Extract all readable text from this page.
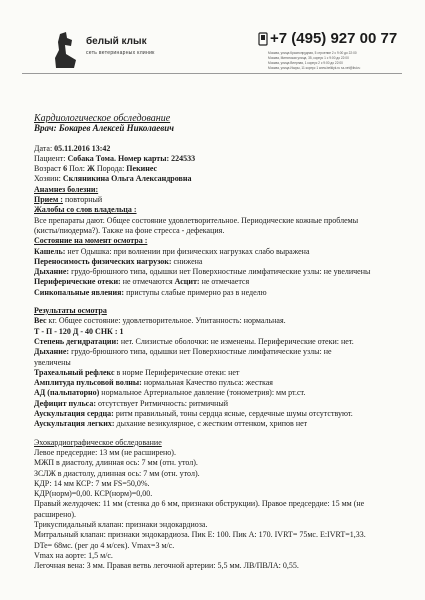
белый клык
сеть ветеринарных клиник
+7 (495) 927 00 77
Москва, улица Краснопрудная, 5 строение 2 с 9:00 до 22:00
Москва, Митинская улица, 35, корпус 1 с 9:00 до 22:00
Москва, улица Веерная, 1 корпус 2 с 9:00 до 22:00
Москва, улица Искры, 11 корпус 1 www.belklyk.ru sz-vet@list.ru
Кардиологическое обследование
Врач: Бокарев Алексей Николаевич
Дата: 05.11.2016 13:42
Пациент: Собака Тома. Номер карты: 224533
Возраст 6 Пол: Ж Порода: Пекинес
Хозяин: Скляникина Ольга Александровна
Анамнез болезни:
Прием : повторный
Жалобы со слов владельца :
Все препараты дают. Общее состояние удовлетворительное. Периодические кожные проблемы
(кисты/пиодерма?). Также на фоне стресса - дефекация.
Состояние на момент осмотра :
Кашель: нет Одышка: при волнении при физических нагрузках слабо выражена
Переносимость физических нагрузок: снижена
Дыхание: грудо-брюшного типа, одышки нет Поверхностные лимфатические узлы: не увеличены
Периферические отеки: не отмечаются Асцит: не отмечается
Синкопальные явления: приступы слабые примерно раз в неделю
Результаты осмотра
Вес кг. Общее состояние: удовлетворительное. Упитанность: нормальная.
Т - П - 120 Д - 40 СНК : 1
Степень дегидратации: нет. Слизистые оболочки: не изменены. Периферические отеки: нет.
Дыхание: грудо-брюшного типа, одышки нет Поверхностные лимфатические узлы: не
увеличены
Трахеальный рефлекс в норме Периферические отеки: нет
Амплитуда пульсовой волны: нормальная Качество пульса: жесткая
АД (пальпаторно) нормальное Артериальное давление (тонометрия): мм рт.ст.
Дефицит пульса: отсутствует Ритмичность: ритмичный
Аускультация сердца: ритм правильный, тоны сердца ясные, сердечные шумы отсутствуют.
Аускультация легких: дыхание везикулярное, с жестким оттенком, хрипов нет
Эхокардиографическое обследование
Левое предсердие: 13 мм (не расширено).
МЖП в диастолу, длинная ось: 7 мм (отн. утол).
ЗСЛЖ в диастолу, длинная ось: 7 мм (отн. утол).
КДР: 14 мм КСР: 7 мм FS=50,0%.
КДР(норм)=0,00. КСР(норм)=0,00.
Правый желудочек: 11 мм (стенка до 6 мм, признаки обструкции). Правое предсердие: 15 мм (не
расширено).
Трикуспидальный клапан: признаки эндокардиоза.
Митральный клапан: признаки эндокардиоза. Пик Е: 100. Пик А: 170. IVRT= 75мс. E:IVRT=1,33.
DTe= 68мс. (рег до 4 м/сек). Vmax=3 м/с.
Vmax на аорте: 1,5 м/с.
Легочная вена: 3 мм. Правая ветвь легочной артерии: 5,5 мм. ЛВ/ПВЛА: 0,55.
